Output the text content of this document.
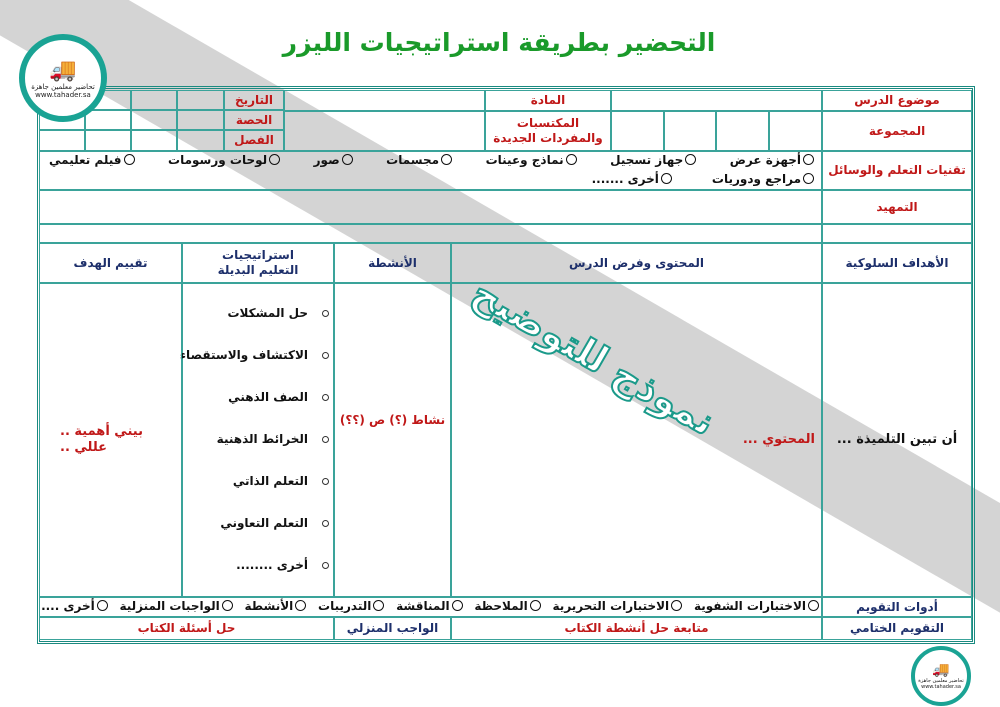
نموذج للتوضيح
التحضير بطريقة استراتيجيات الليزر
موضوع الدرس
المادة
التاريخ
المجموعة
المكتسبات والمفردات الجديدة
الحصة
الفصل
تقنيات التعلم والوسائل
أجهزة عرض
جهاز تسجيل
نماذج وعينات
مجسمات
صور
لوحات ورسومات
فيلم تعليمي
مراجع ودوريات
أخرى .......
التمهيد
الأهداف السلوكية
المحتوى وفرض الدرس
الأنشطة
استراتيجيات التعليم البديلة
تقييم الهدف
أن تبين التلميذة ...
المحتوي ...
نشاط (؟) ص (؟؟)
حل المشكلات
الاكتشاف والاستقصاء
الصف الذهني
الخرائط الذهنية
التعلم الذاتي
التعلم التعاوني
أخرى ........
بيني أهمية .. عللي ..
أدوات التقويم
الاختبارات الشفوية
الاختبارات التحريرية
الملاحظة
المناقشة
التدريبات
الأنشطة
الواجبات المنزلية
أخرى ....
التقويم الختامي
متابعة حل أنشطة الكتاب
الواجب المنزلي
حل أسئلة الكتاب
🚚
تحاضير معلمين جاهزة
www.tahader.sa
🚚
تحاضير معلمين جاهزة
www.tahader.sa
